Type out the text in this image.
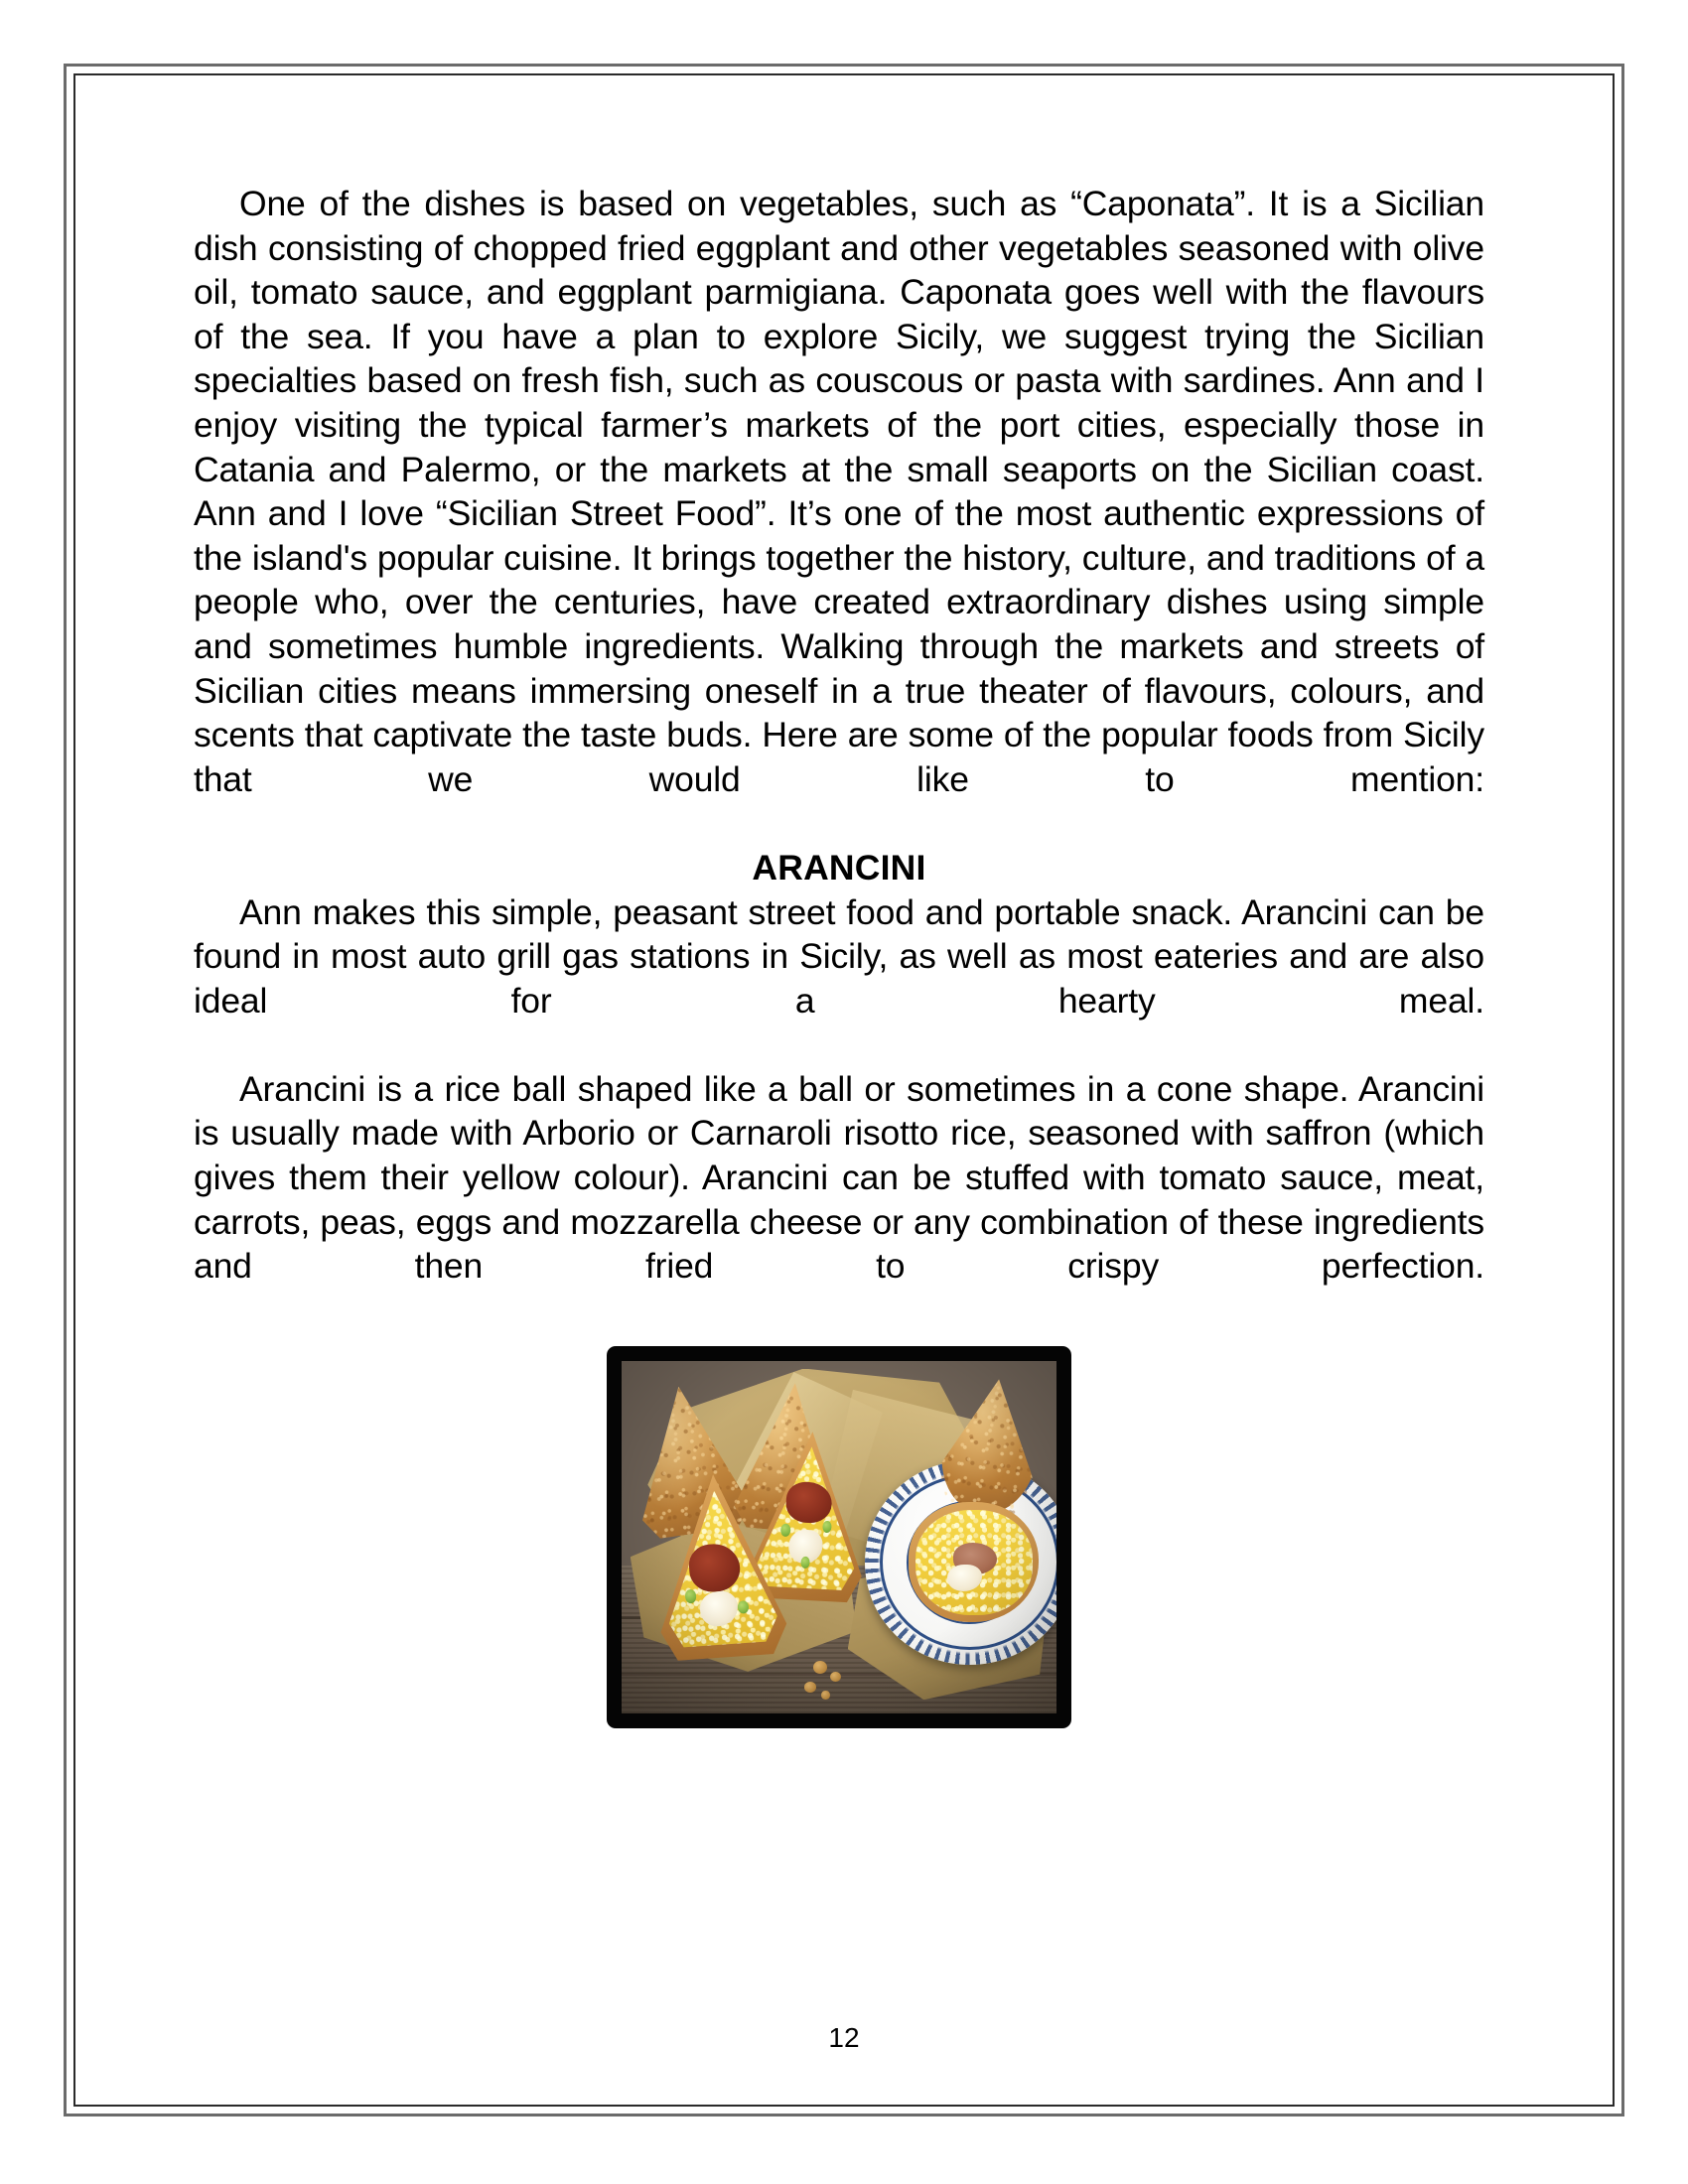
One of the dishes is based on vegetables, such as “Caponata”. It is a Sicilian dish consisting of chopped fried eggplant and other vegetables seasoned with olive oil, tomato sauce, and eggplant parmigiana. Caponata goes well with the flavours of the sea. If you have a plan to explore Sicily, we suggest trying the Sicilian specialties based on fresh fish, such as couscous or pasta with sardines. Ann and I enjoy visiting the typical farmer’s markets of the port cities, especially those in Catania and Palermo, or the markets at the small seaports on the Sicilian coast. Ann and I love “Sicilian Street Food”. It’s one of the most authentic expressions of the island's popular cuisine. It brings together the history, culture, and traditions of a people who, over the centuries, have created extraordinary dishes using simple and sometimes humble ingredients. Walking through the markets and streets of Sicilian cities means immersing oneself in a true theater of flavours, colours, and scents that captivate the taste buds. Here are some of the popular foods from Sicily that we would like to mention:

ARANCINI

Ann makes this simple, peasant street food and portable snack. Arancini can be found in most auto grill gas stations in Sicily, as well as most eateries and are also ideal for a hearty meal.

Arancini is a rice ball shaped like a ball or sometimes in a cone shape. Arancini is usually made with Arborio or Carnaroli risotto rice, seasoned with saffron (which gives them their yellow colour). Arancini can be stuffed with tomato sauce, meat, carrots, peas, eggs and mozzarella cheese or any combination of these ingredients and then fried to crispy perfection.

12
